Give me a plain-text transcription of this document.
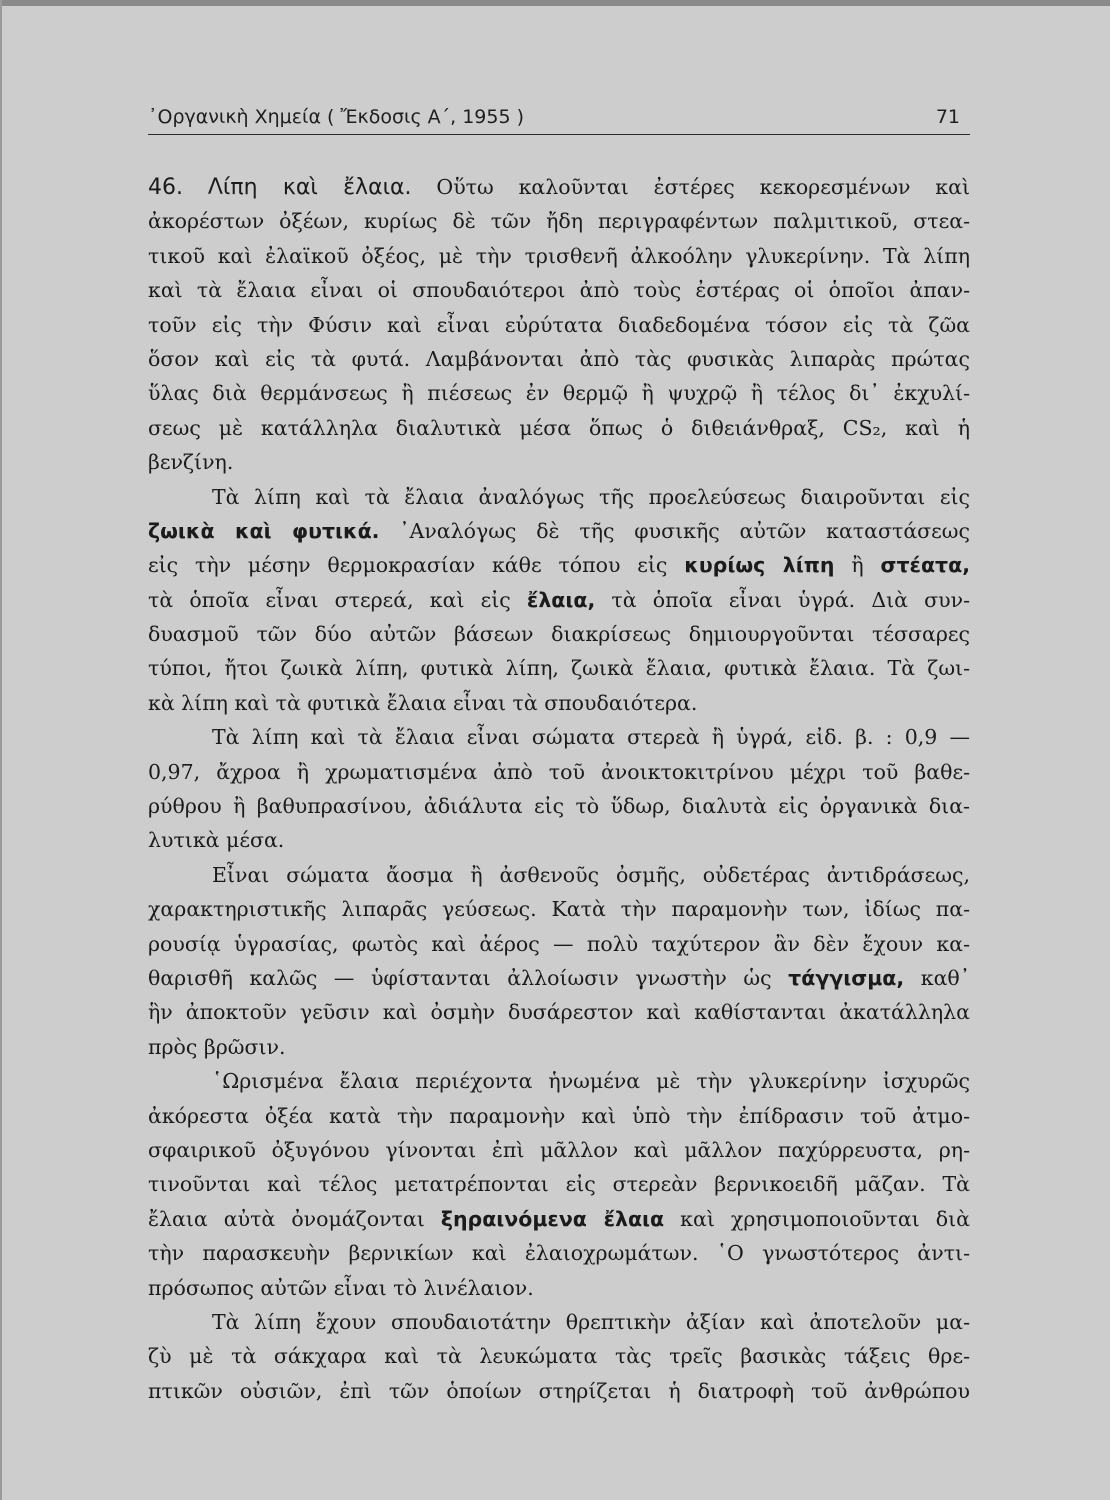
᾿Οργανικὴ Χημεία ( Ἔκδοσις Α΄, 1955 )	71
46. Λίπη καὶ ἔλαια. Οὕτω καλοῦνται ἐστέρες κεκορεσμένων καὶ
ἀκορέστων ὀξέων, κυρίως δὲ τῶν ἤδη περιγραφέντων παλμιτικοῦ, στεα-
τικοῦ καὶ ἐλαϊκοῦ ὀξέος, μὲ τὴν τρισθενῆ ἀλκοόλην γλυκερίνην. Τὰ λίπη
καὶ τὰ ἔλαια εἶναι οἱ σπουδαιότεροι ἀπὸ τοὺς ἐστέρας οἱ ὁποῖοι ἀπαν-
τοῦν εἰς τὴν Φύσιν καὶ εἶναι εὐρύτατα διαδεδομένα τόσον εἰς τὰ ζῶα
ὅσον καὶ εἰς τὰ φυτά. Λαμβάνονται ἀπὸ τὰς φυσικὰς λιπαρὰς πρώτας
ὕλας διὰ θερμάνσεως ἢ πιέσεως ἐν θερμῷ ἢ ψυχρῷ ἢ τέλος δι᾽ ἐκχυλί-
σεως μὲ κατάλληλα διαλυτικὰ μέσα ὅπως ὁ διθειάνθραξ, CS₂, καὶ ἡ
βενζίνη.
Τὰ λίπη καὶ τὰ ἔλαια ἀναλόγως τῆς προελεύσεως διαιροῦνται εἰς
ζωικὰ καὶ φυτικά. ᾿Αναλόγως δὲ τῆς φυσικῆς αὐτῶν καταστάσεως
εἰς τὴν μέσην θερμοκρασίαν κάθε τόπου εἰς κυρίως λίπη ἢ στέατα,
τὰ ὁποῖα εἶναι στερεά, καὶ εἰς ἔλαια, τὰ ὁποῖα εἶναι ὑγρά. Διὰ συν-
δυασμοῦ τῶν δύο αὐτῶν βάσεων διακρίσεως δημιουργοῦνται τέσσαρες
τύποι, ἤτοι ζωικὰ λίπη, φυτικὰ λίπη, ζωικὰ ἔλαια, φυτικὰ ἔλαια. Τὰ ζωι-
κὰ λίπη καὶ τὰ φυτικὰ ἔλαια εἶναι τὰ σπουδαιότερα.
Τὰ λίπη καὶ τὰ ἔλαια εἶναι σώματα στερεὰ ἢ ὑγρά, εἰδ. β. : 0,9 —
0,97, ἄχροα ἢ χρωματισμένα ἀπὸ τοῦ ἀνοικτοκιτρίνου μέχρι τοῦ βαθε-
ρύθρου ἢ βαθυπρασίνου, ἀδιάλυτα εἰς τὸ ὕδωρ, διαλυτὰ εἰς ὀργανικὰ δια-
λυτικὰ μέσα.
Εἶναι σώματα ἄοσμα ἢ ἀσθενοῦς ὀσμῆς, οὐδετέρας ἀντιδράσεως,
χαρακτηριστικῆς λιπαρᾶς γεύσεως. Κατὰ τὴν παραμονὴν των, ἰδίως πα-
ρουσίᾳ ὑγρασίας, φωτὸς καὶ ἀέρος — πολὺ ταχύτερον ἂν δὲν ἔχουν κα-
θαρισθῆ καλῶς — ὑφίστανται ἀλλοίωσιν γνωστὴν ὡς τάγγισμα, καθ᾽
ἣν ἀποκτοῦν γεῦσιν καὶ ὀσμὴν δυσάρεστον καὶ καθίστανται ἀκατάλληλα
πρὸς βρῶσιν.
῾Ωρισμένα ἔλαια περιέχοντα ἡνωμένα μὲ τὴν γλυκερίνην ἰσχυρῶς
ἀκόρεστα ὀξέα κατὰ τὴν παραμονὴν καὶ ὑπὸ τὴν ἐπίδρασιν τοῦ ἀτμο-
σφαιρικοῦ ὀξυγόνου γίνονται ἐπὶ μᾶλλον καὶ μᾶλλον παχύρρευστα, ρη-
τινοῦνται καὶ τέλος μετατρέπονται εἰς στερεὰν βερνικοειδῆ μᾶζαν. Τὰ
ἔλαια αὐτὰ ὀνομάζονται ξηραινόμενα ἔλαια καὶ χρησιμοποιοῦνται διὰ
τὴν παρασκευὴν βερνικίων καὶ ἐλαιοχρωμάτων. ῾Ο γνωστότερος ἀντι-
πρόσωπος αὐτῶν εἶναι τὸ λινέλαιον.
Τὰ λίπη ἔχουν σπουδαιοτάτην θρεπτικὴν ἀξίαν καὶ ἀποτελοῦν μα-
ζὺ μὲ τὰ σάκχαρα καὶ τὰ λευκώματα τὰς τρεῖς βασικὰς τάξεις θρε-
πτικῶν οὐσιῶν, ἐπὶ τῶν ὁποίων στηρίζεται ἡ διατροφὴ τοῦ ἀνθρώπου
